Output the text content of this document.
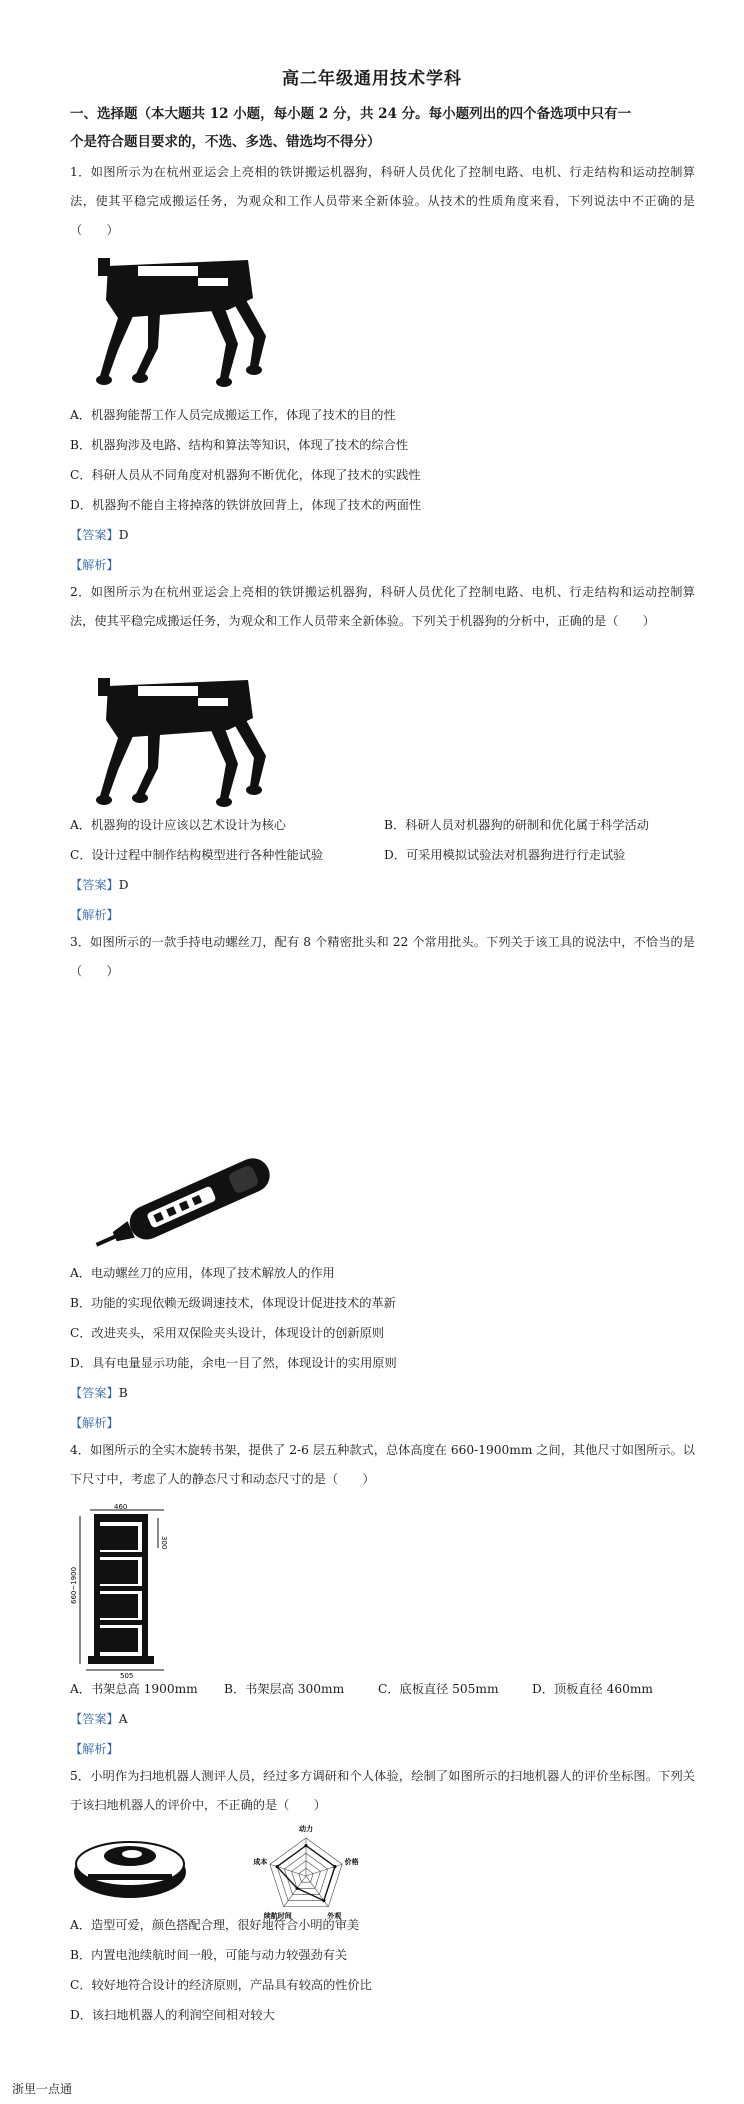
高二年级通用技术学科
一、选择题（本大题共 12 小题，每小题 2 分，共 24 分。每小题列出的四个备选项中只有一
个是符合题目要求的，不选、多选、错选均不得分）
1．如图所示为在杭州亚运会上亮相的铁饼搬运机器狗，科研人员优化了控制电路、电机、行走结构和运动控制算法，使其平稳完成搬运任务，为观众和工作人员带来全新体验。从技术的性质角度来看，下列说法中不正确的是（　　）
A．机器狗能帮工作人员完成搬运工作，体现了技术的目的性
B．机器狗涉及电路、结构和算法等知识，体现了技术的综合性
C．科研人员从不同角度对机器狗不断优化，体现了技术的实践性
D．机器狗不能自主将掉落的铁饼放回背上，体现了技术的两面性
【答案】D
【解析】
2．如图所示为在杭州亚运会上亮相的铁饼搬运机器狗，科研人员优化了控制电路、电机、行走结构和运动控制算法，使其平稳完成搬运任务，为观众和工作人员带来全新体验。下列关于机器狗的分析中，正确的是（　　）
A．机器狗的设计应该以艺术设计为核心	B．科研人员对机器狗的研制和优化属于科学活动
C．设计过程中制作结构模型进行各种性能试验	D．可采用模拟试验法对机器狗进行行走试验
【答案】D
【解析】
3．如图所示的一款手持电动螺丝刀，配有 8 个精密批头和 22 个常用批头。下列关于该工具的说法中，不恰当的是（　　）
A．电动螺丝刀的应用，体现了技术解放人的作用
B．功能的实现依赖无级调速技术，体现设计促进技术的革新
C．改进夹头，采用双保险夹头设计，体现设计的创新原则
D．具有电量显示功能，余电一目了然，体现设计的实用原则
【答案】B
【解析】
4．如图所示的全实木旋转书架，提供了 2-6 层五种款式，总体高度在 660-1900mm 之间，其他尺寸如图所示。以下尺寸中，考虑了人的静态尺寸和动态尺寸的是（　　）
460
300
660~1900
505
A．书架总高 1900mm B．书架层高 300mm	C．底板直径 505mm	D．顶板直径 460mm
【答案】A
【解析】
5．小明作为扫地机器人测评人员，经过多方调研和个人体验，绘制了如图所示的扫地机器人的评价坐标图。下列关于该扫地机器人的评价中，不正确的是（　　）
动力
价格
外观
续航时间
成本
A．造型可爱，颜色搭配合理，很好地符合小明的审美
B．内置电池续航时间一般，可能与动力较强劲有关
C．较好地符合设计的经济原则，产品具有较高的性价比
D．该扫地机器人的利润空间相对较大
浙里一点通
